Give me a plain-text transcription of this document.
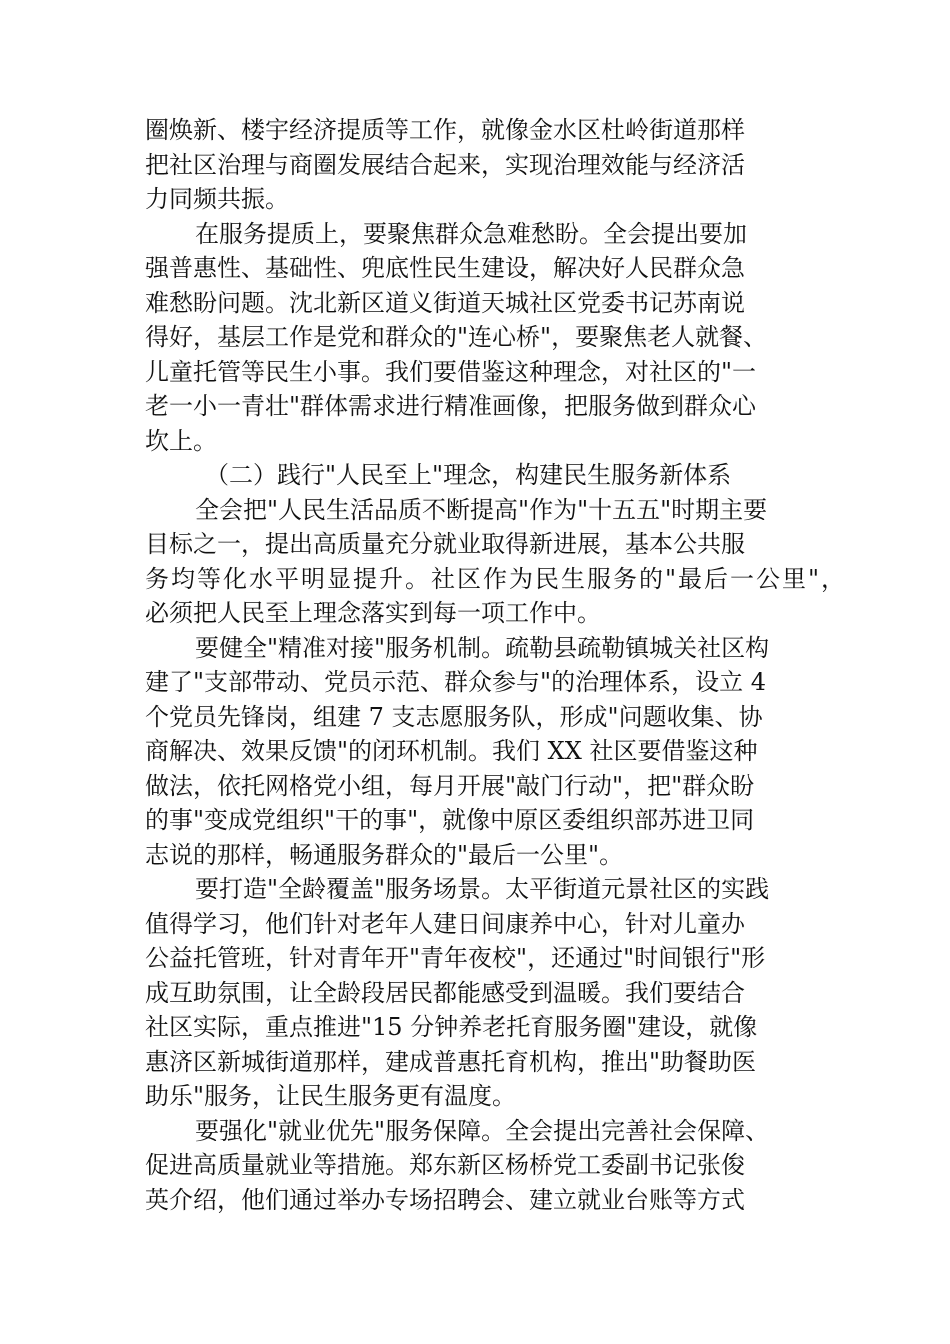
圈焕新、楼宇经济提质等工作，就像金水区杜岭街道那样
把社区治理与商圈发展结合起来，实现治理效能与经济活
力同频共振。
在服务提质上，要聚焦群众急难愁盼。全会提出要加
强普惠性、基础性、兜底性民生建设，解决好人民群众急
难愁盼问题。沈北新区道义街道天城社区党委书记苏南说
得好，基层工作是党和群众的"连心桥"，要聚焦老人就餐、
儿童托管等民生小事。我们要借鉴这种理念，对社区的"一
老一小一青壮"群体需求进行精准画像，把服务做到群众心
坎上。
（二）践行"人民至上"理念，构建民生服务新体系
全会把"人民生活品质不断提高"作为"十五五"时期主要
目标之一，提出高质量充分就业取得新进展，基本公共服
务均等化水平明显提升。社区作为民生服务的"最后一公里"，
必须把人民至上理念落实到每一项工作中。
要健全"精准对接"服务机制。疏勒县疏勒镇城关社区构
建了"支部带动、党员示范、群众参与"的治理体系，设立 4
个党员先锋岗，组建 7 支志愿服务队，形成"问题收集、协
商解决、效果反馈"的闭环机制。我们 XX 社区要借鉴这种
做法，依托网格党小组，每月开展"敲门行动"，把"群众盼
的事"变成党组织"干的事"，就像中原区委组织部苏进卫同
志说的那样，畅通服务群众的"最后一公里"。
要打造"全龄覆盖"服务场景。太平街道元景社区的实践
值得学习，他们针对老年人建日间康养中心，针对儿童办
公益托管班，针对青年开"青年夜校"，还通过"时间银行"形
成互助氛围，让全龄段居民都能感受到温暖。我们要结合
社区实际，重点推进"15 分钟养老托育服务圈"建设，就像
惠济区新城街道那样，建成普惠托育机构，推出"助餐助医
助乐"服务，让民生服务更有温度。
要强化"就业优先"服务保障。全会提出完善社会保障、
促进高质量就业等措施。郑东新区杨桥党工委副书记张俊
英介绍，他们通过举办专场招聘会、建立就业台账等方式
